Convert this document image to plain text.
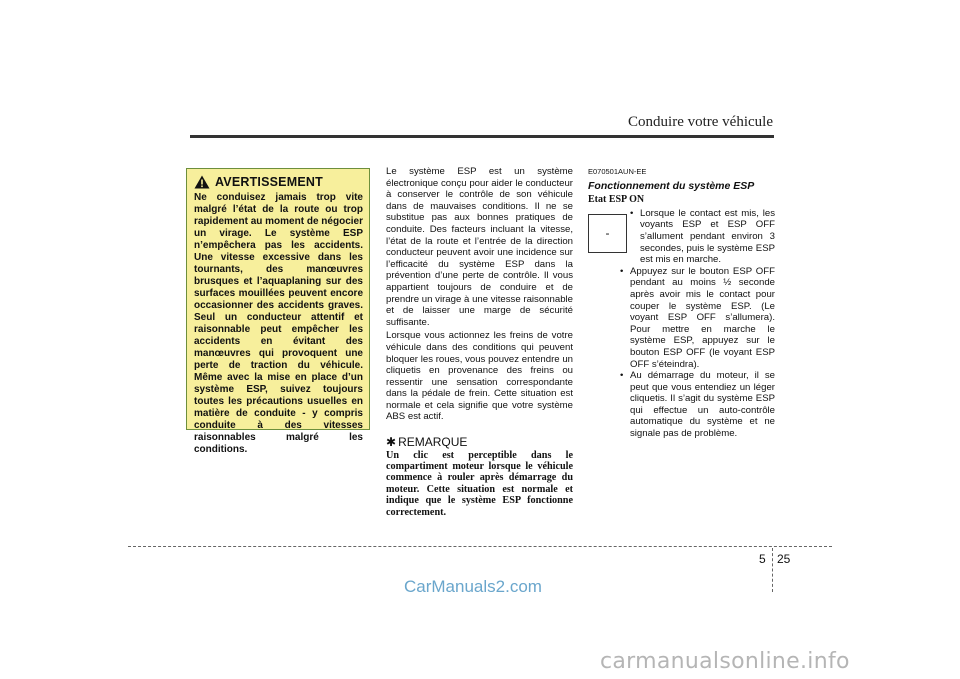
Conduire votre véhicule
AVERTISSEMENT

Ne conduisez jamais trop vite malgré l’état de la route ou trop rapidement au moment de négocier un virage. Le système ESP n’empêchera pas les accidents. Une vitesse excessive dans les tournants, des manœuvres brusques et l’aquaplaning sur des surfaces mouillées peuvent encore occasionner des accidents graves. Seul un conducteur attentif et raisonnable peut empêcher les accidents en évitant des manœuvres qui provoquent une perte de traction du véhicule. Même avec la mise en place d’un système ESP, suivez toujours toutes les précautions usuelles en matière de conduite - y compris conduite à des vitesses raisonnables malgré les conditions.

Le système ESP est un système électronique conçu pour aider le conducteur à conserver le contrôle de son véhicule dans de mauvaises conditions. Il ne se substitue pas aux bonnes pratiques de conduite. Des facteurs incluant la vitesse, l’état de la route et l’entrée de la direction conducteur peuvent avoir une incidence sur l’efficacité du système ESP dans la prévention d’une perte de contrôle. Il vous appartient toujours de conduire et de prendre un virage à une vitesse raisonnable et de laisser une marge de sécurité suffisante.

Lorsque vous actionnez les freins de votre véhicule dans des conditions qui peuvent bloquer les roues, vous pouvez entendre un cliquetis en provenance des freins ou ressentir une sensation correspondante dans la pédale de frein. Cette situation est normale et cela signifie que votre système ABS est actif.

✱ REMARQUE

Un clic est perceptible dans le compartiment moteur lorsque le véhicule commence à rouler après démarrage du moteur. Cette situation est normale et indique que le système ESP fonctionne correctement.

E070501AUN-EE
Fonctionnement du système ESP
Etat ESP ON
-
• Lorsque le contact est mis, les voyants ESP et ESP OFF s’allument pendant environ 3 secondes, puis le système ESP est mis en marche.
• Appuyez sur le bouton ESP OFF pendant au moins ½ seconde après avoir mis le contact pour couper le système ESP. (Le voyant ESP OFF s’allumera). Pour mettre en marche le système ESP, appuyez sur le bouton ESP OFF (le voyant ESP OFF s’éteindra).
• Au démarrage du moteur, il se peut que vous entendiez un léger cliquetis. Il s’agit du système ESP qui effectue un auto-contrôle automatique du système et ne signale pas de problème.
5 25
CarManuals2.com
carmanualsonline.info
